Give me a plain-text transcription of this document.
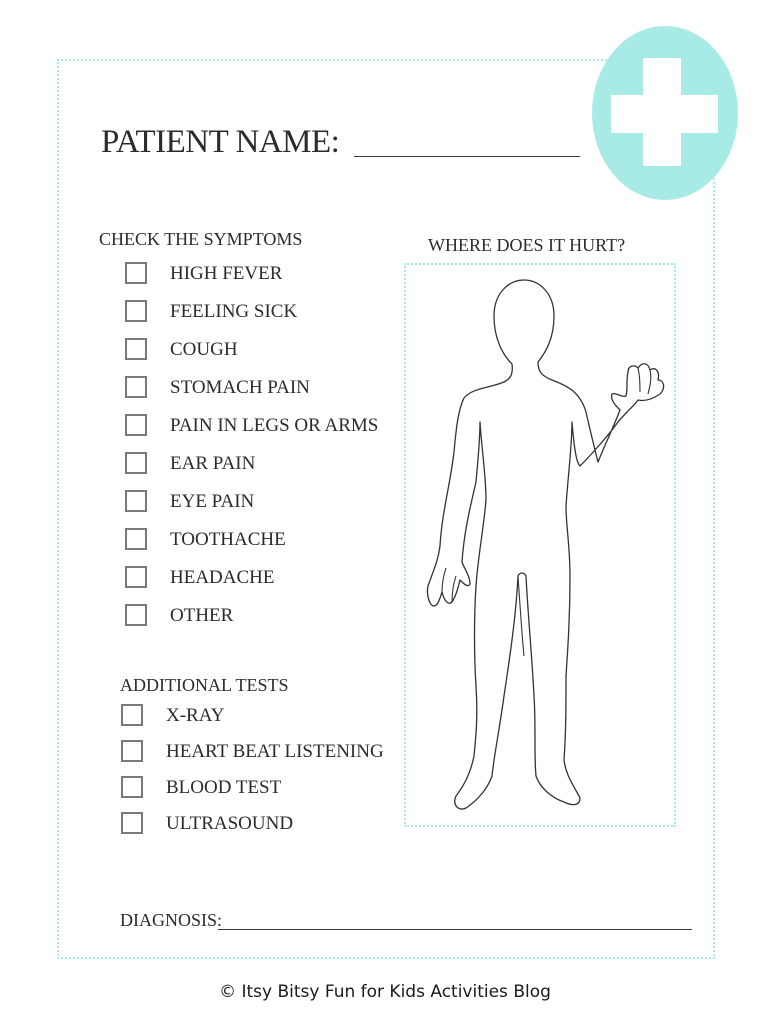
PATIENT NAME:
CHECK THE SYMPTOMS
HIGH FEVER
FEELING SICK
COUGH
STOMACH PAIN
PAIN IN LEGS OR ARMS
EAR PAIN
EYE PAIN
TOOTHACHE
HEADACHE
OTHER
ADDITIONAL TESTS
X-RAY
HEART BEAT LISTENING
BLOOD TEST
ULTRASOUND
WHERE DOES IT HURT?
DIAGNOSIS:
© Itsy Bitsy Fun for Kids Activities Blog
